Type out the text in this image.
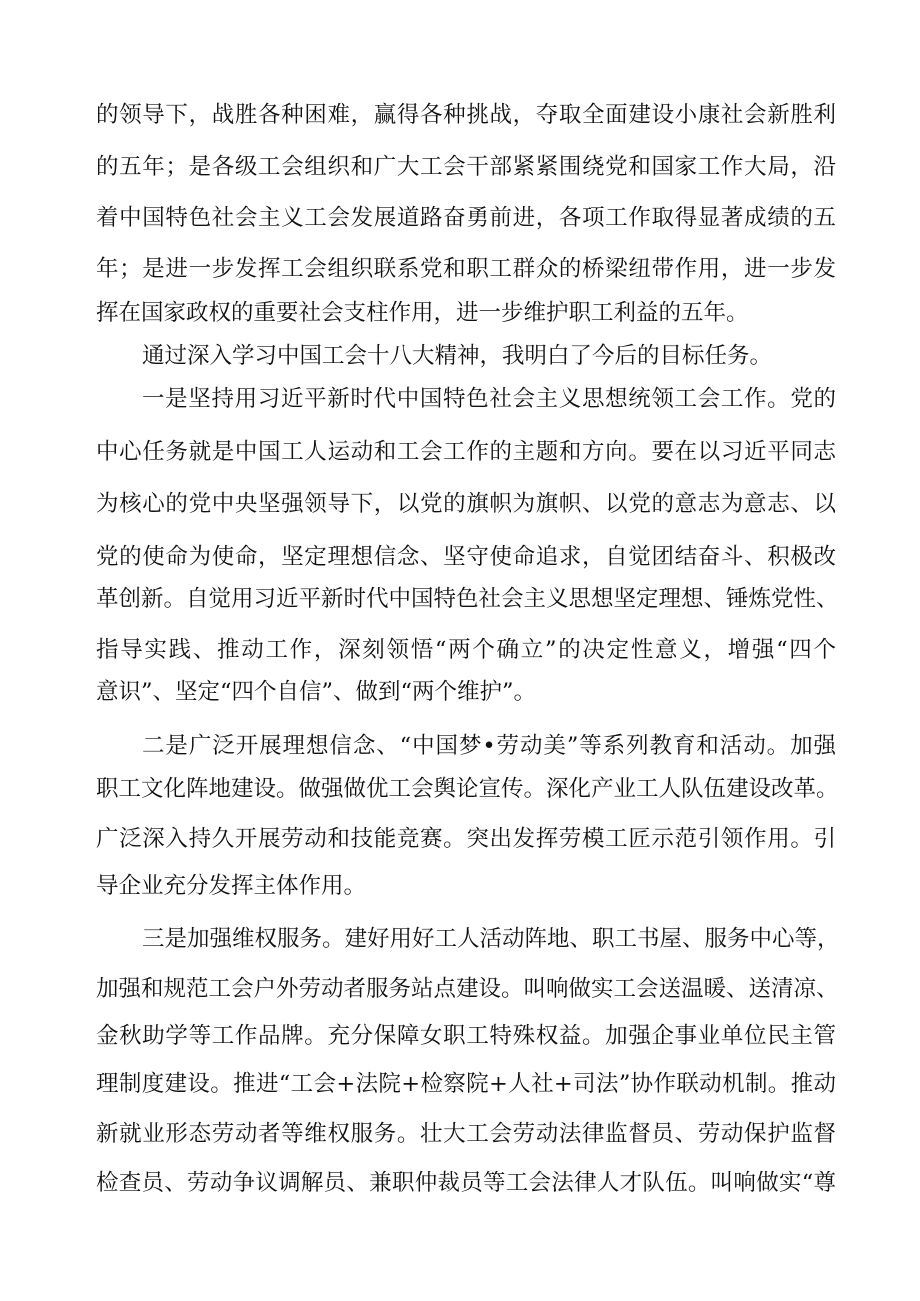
的领导下，战胜各种困难，赢得各种挑战，夺取全面建设小康社会新胜利
的五年；是各级工会组织和广大工会干部紧紧围绕党和国家工作大局，沿
着中国特色社会主义工会发展道路奋勇前进，各项工作取得显著成绩的五
年；是进一步发挥工会组织联系党和职工群众的桥梁纽带作用，进一步发
挥在国家政权的重要社会支柱作用，进一步维护职工利益的五年。
通过深入学习中国工会十八大精神，我明白了今后的目标任务。
一是坚持用习近平新时代中国特色社会主义思想统领工会工作。党的
中心任务就是中国工人运动和工会工作的主题和方向。要在以习近平同志
为核心的党中央坚强领导下，以党的旗帜为旗帜、以党的意志为意志、以
党的使命为使命，坚定理想信念、坚守使命追求，自觉团结奋斗、积极改
革创新。自觉用习近平新时代中国特色社会主义思想坚定理想、锤炼党性、
指导实践、推动工作，深刻领悟“两个确立”的决定性意义，增强“四个
意识”、坚定“四个自信”、做到“两个维护”。
二是广泛开展理想信念、“中国梦•劳动美”等系列教育和活动。加强
职工文化阵地建设。做强做优工会舆论宣传。深化产业工人队伍建设改革。
广泛深入持久开展劳动和技能竞赛。突出发挥劳模工匠示范引领作用。引
导企业充分发挥主体作用。
三是加强维权服务。建好用好工人活动阵地、职工书屋、服务中心等，
加强和规范工会户外劳动者服务站点建设。叫响做实工会送温暖、送清凉、
金秋助学等工作品牌。充分保障女职工特殊权益。加强企事业单位民主管
理制度建设。推进“工会+法院+检察院+人社+司法”协作联动机制。推动
新就业形态劳动者等维权服务。壮大工会劳动法律监督员、劳动保护监督
检查员、劳动争议调解员、兼职仲裁员等工会法律人才队伍。叫响做实“尊
